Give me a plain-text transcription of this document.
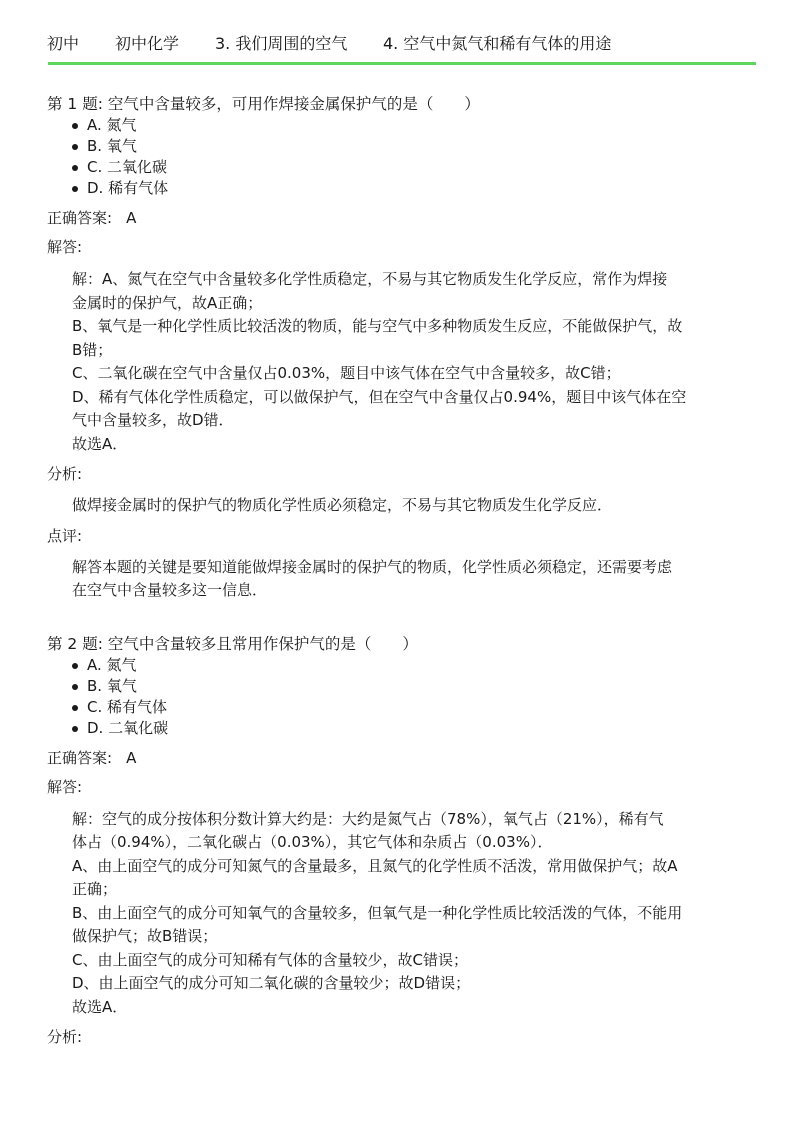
初中	初中化学	3. 我们周围的空气	4. 空气中氮气和稀有气体的用途
第 1 题: 空气中含量较多，可用作焊接金属保护气的是（　　）
A. 氮气
B. 氧气
C. 二氧化碳
D. 稀有气体
正确答案: A
解答:

解：A、氮气在空气中含量较多化学性质稳定，不易与其它物质发生化学反应，常作为焊接

金属时的保护气，故A正确；

B、氧气是一种化学性质比较活泼的物质，能与空气中多种物质发生反应，不能做保护气，故

B错；

C、二氧化碳在空气中含量仅占0.03%，题目中该气体在空气中含量较多，故C错；

D、稀有气体化学性质稳定，可以做保护气，但在空气中含量仅占0.94%，题目中该气体在空

气中含量较多，故D错．

故选A．

分析:

做焊接金属时的保护气的物质化学性质必须稳定，不易与其它物质发生化学反应．

点评:

解答本题的关键是要知道能做焊接金属时的保护气的物质，化学性质必须稳定，还需要考虑

在空气中含量较多这一信息．

第 2 题: 空气中含量较多且常用作保护气的是（　　）
A. 氮气
B. 氧气
C. 稀有气体
D. 二氧化碳
正确答案: A
解答:

解：空气的成分按体积分数计算大约是：大约是氮气占（78%），氧气占（21%），稀有气

体占（0.94%），二氧化碳占（0.03%），其它气体和杂质占（0.03%）．

A、由上面空气的成分可知氮气的含量最多，且氮气的化学性质不活泼，常用做保护气；故A

正确；

B、由上面空气的成分可知氧气的含量较多，但氧气是一种化学性质比较活泼的气体，不能用

做保护气；故B错误；

C、由上面空气的成分可知稀有气体的含量较少，故C错误；

D、由上面空气的成分可知二氧化碳的含量较少；故D错误；

故选A．

分析:
